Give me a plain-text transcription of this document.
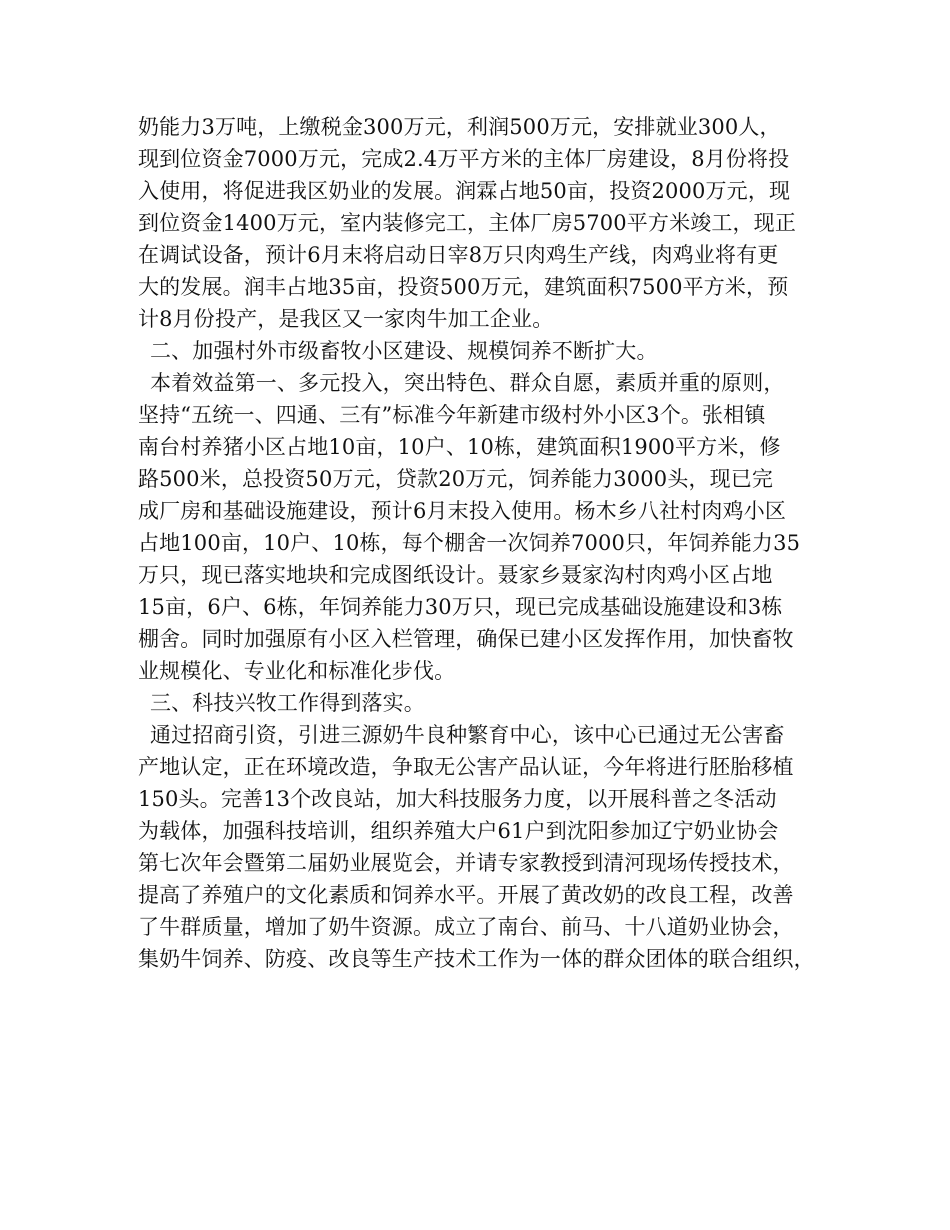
奶能力3万吨，上缴税金300万元，利润500万元，安排就业300人，
现到位资金7000万元，完成2.4万平方米的主体厂房建设，8月份将投
入使用，将促进我区奶业的发展。润霖占地50亩，投资2000万元，现
到位资金1400万元，室内装修完工，主体厂房5700平方米竣工，现正
在调试设备，预计6月末将启动日宰8万只肉鸡生产线，肉鸡业将有更
大的发展。润丰占地35亩，投资500万元，建筑面积7500平方米，预
计8月份投产，是我区又一家肉牛加工企业。
二、加强村外市级畜牧小区建设、规模饲养不断扩大。
本着效益第一、多元投入，突出特色、群众自愿，素质并重的原则，
坚持“五统一、四通、三有”标准今年新建市级村外小区3个。张相镇
南台村养猪小区占地10亩，10户、10栋，建筑面积1900平方米，修
路500米，总投资50万元，贷款20万元，饲养能力3000头，现已完
成厂房和基础设施建设，预计6月末投入使用。杨木乡八社村肉鸡小区
占地100亩，10户、10栋，每个棚舍一次饲养7000只，年饲养能力35
万只，现已落实地块和完成图纸设计。聂家乡聂家沟村肉鸡小区占地
15亩，6户、6栋，年饲养能力30万只，现已完成基础设施建设和3栋
棚舍。同时加强原有小区入栏管理，确保已建小区发挥作用，加快畜牧
业规模化、专业化和标准化步伐。
三、科技兴牧工作得到落实。
通过招商引资，引进三源奶牛良种繁育中心，该中心已通过无公害畜
产地认定，正在环境改造，争取无公害产品认证，今年将进行胚胎移植
150头。完善13个改良站，加大科技服务力度，以开展科普之冬活动
为载体，加强科技培训，组织养殖大户61户到沈阳参加辽宁奶业协会
第七次年会暨第二届奶业展览会，并请专家教授到清河现场传授技术，
提高了养殖户的文化素质和饲养水平。开展了黄改奶的改良工程，改善
了牛群质量，增加了奶牛资源。成立了南台、前马、十八道奶业协会，
集奶牛饲养、防疫、改良等生产技术工作为一体的群众团体的联合组织，
